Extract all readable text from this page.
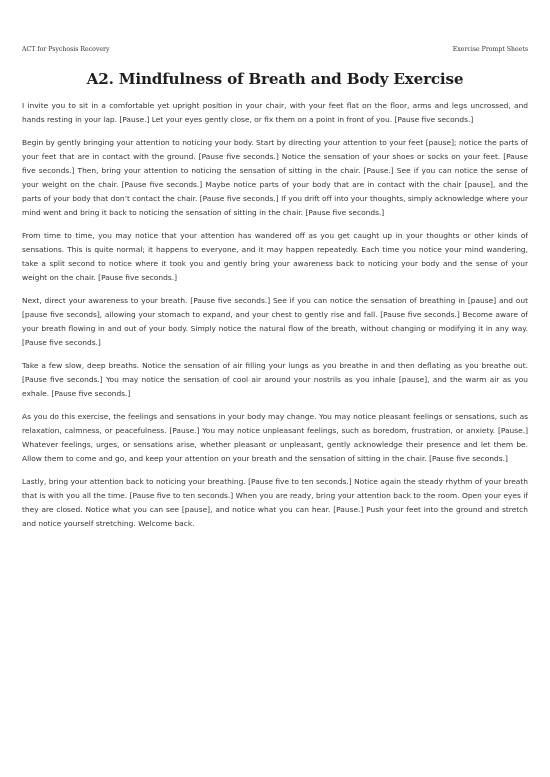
ACT for Psychosis Recovery	Exercise Prompt Sheets
A2. Mindfulness of Breath and Body Exercise

I invite you to sit in a comfortable yet upright position in your chair, with your feet flat on the floor, arms and legs uncrossed, and hands resting in your lap. [Pause.] Let your eyes gently close, or fix them on a point in front of you. [Pause five seconds.]

Begin by gently bringing your attention to noticing your body. Start by directing your attention to your feet [pause]; notice the parts of your feet that are in contact with the ground. [Pause five seconds.] Notice the sensation of your shoes or socks on your feet. [Pause five seconds.] Then, bring your attention to noticing the sensation of sitting in the chair. [Pause.] See if you can notice the sense of your weight on the chair. [Pause five seconds.] Maybe notice parts of your body that are in contact with the chair [pause], and the parts of your body that don’t contact the chair. [Pause five seconds.] If you drift off into your thoughts, simply acknowledge where your mind went and bring it back to noticing the sensation of sitting in the chair. [Pause five seconds.]

From time to time, you may notice that your attention has wandered off as you get caught up in your thoughts or other kinds of sensations. This is quite normal; it happens to everyone, and it may happen repeatedly. Each time you notice your mind wandering, take a split second to notice where it took you and gently bring your awareness back to noticing your body and the sense of your weight on the chair. [Pause five seconds.]

Next, direct your awareness to your breath. [Pause five seconds.] See if you can notice the sensation of breathing in [pause] and out [pause five seconds], allowing your stomach to expand, and your chest to gently rise and fall. [Pause five seconds.] Become aware of your breath flowing in and out of your body. Simply notice the natural flow of the breath, without changing or modifying it in any way. [Pause five seconds.]

Take a few slow, deep breaths. Notice the sensation of air filling your lungs as you breathe in and then deflating as you breathe out. [Pause five seconds.] You may notice the sensation of cool air around your nostrils as you inhale [pause], and the warm air as you exhale. [Pause five seconds.]

As you do this exercise, the feelings and sensations in your body may change. You may notice pleasant feelings or sensations, such as relaxation, calmness, or peacefulness. [Pause.] You may notice unpleasant feelings, such as boredom, frustration, or anxiety. [Pause.] Whatever feelings, urges, or sensations arise, whether pleasant or unpleasant, gently acknowledge their presence and let them be. Allow them to come and go, and keep your attention on your breath and the sensation of sitting in the chair. [Pause five seconds.]

Lastly, bring your attention back to noticing your breathing. [Pause five to ten seconds.] Notice again the steady rhythm of your breath that is with you all the time. [Pause five to ten seconds.] When you are ready, bring your attention back to the room. Open your eyes if they are closed. Notice what you can see [pause], and notice what you can hear. [Pause.] Push your feet into the ground and stretch and notice yourself stretching. Welcome back.
